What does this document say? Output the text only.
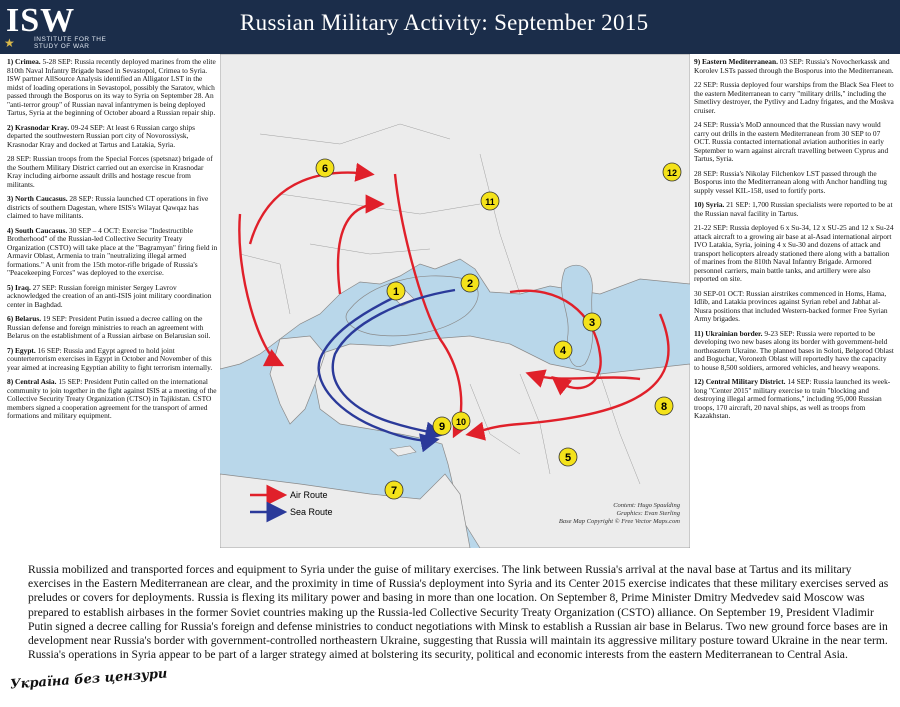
ISW
★	INSTITUTE FOR THE
STUDY OF WAR
Russian Military Activity: September 2015

1) Crimea. 5-28 SEP: Russia recently deployed marines from the elite 810th Naval Infantry Brigade based in Sevastopol, Crimea to Syria. ISW partner AllSource Analysis identified an Alligator LST in the midst of loading operations in Sevastopol, possibly the Saratov, which passed through the Bosporus on its way to Syria on September 28. An "anti-terror group" of Russian naval infantrymen is being deployed Tartus, Syria at the beginning of October aboard a Russian repair ship.

2) Krasnodar Kray. 09-24 SEP: At least 6 Russian cargo ships departed the southwestern Russian port city of Novorossiysk, Krasnodar Kray and docked at Tartus and Latakia, Syria.

28 SEP: Russian troops from the Special Forces (spetsnaz) brigade of the Southern Military District carried out an exercise in Krasnodar Kray including airborne assault drills and hostage rescue from militants.

3) North Caucasus. 28 SEP: Russia launched CT operations in five districts of southern Dagestan, where ISIS's Wilayat Qawqaz has claimed to have militants.

4) South Caucasus. 30 SEP – 4 OCT: Exercise "Indestructible Brotherhood" of the Russian-led Collective Security Treaty Organization (CSTO) will take place at the "Bagramyan" firing field in Armavir Oblast, Armenia to train "neutralizing illegal armed formations." A unit from the 15th motor-rifle brigade of Russia's "Peacekeeping Forces" was deployed to the exercise.

5) Iraq. 27 SEP: Russian foreign minister Sergey Lavrov acknowledged the creation of an anti-ISIS joint military coordination center in Baghdad.

6) Belarus. 19 SEP: President Putin issued a decree calling on the Russian defense and foreign ministries to reach an agreement with Belarus on the establishment of a Russian airbase on Belarusian soil.

7) Egypt. 16 SEP: Russia and Egypt agreed to hold joint counterterrorism exercises in Egypt in October and November of this year aimed at increasing Egyptian ability to fight terrorism internally.

8) Central Asia. 15 SEP: President Putin called on the international community to join together in the fight against ISIS at a meeting of the Collective Security Treaty Organization (CTSO) in Tajikistan. CSTO members signed a cooperation agreement for the transport of armed formations and military equipment.

9) Eastern Mediterranean. 03 SEP: Russia's Novocherkassk and Korolev LSTs passed through the Bosporus into the Mediterranean.

22 SEP: Russia deployed four warships from the Black Sea Fleet to the eastern Mediterranean to carry "military drills," including the Smetlivy destroyer, the Pytlivy and Ladny frigates, and the Moskva cruiser.

24 SEP: Russia's MoD announced that the Russian navy would carry out drills in the eastern Mediterranean from 30 SEP to 07 OCT. Russia contacted international aviation authorities in early September to warn against aircraft travelling between Cyprus and Tartus, Syria.

28 SEP: Russia's Nikolay Filchenkov LST passed through the Bosporus into the Mediterranean along with Anchor handling tug supply vessel KIL-158, used to fortify ports.

10) Syria. 21 SEP: 1,700 Russian specialists were reported to be at the Russian naval facility in Tartus.

21-22 SEP: Russia deployed 6 x Su-34, 12 x SU-25 and 12 x Su-24 attack aircraft to a growing air base at al-Asad international airport IVO Latakia, Syria, joining 4 x Su-30 and dozens of attack and transport helicopters already stationed there along with a battalion of marines from the 810th Naval Infantry Brigade. Armored personnel carriers, main battle tanks, and artillery were also reported on site.

30 SEP-01 OCT: Russian airstrikes commenced in Homs, Hama, Idlib, and Latakia provinces against Syrian rebel and Jabhat al-Nusra positions that included Western-backed former Free Syrian Army brigades.

11) Ukrainian border. 9-23 SEP: Russia were reported to be developing two new bases along its border with government-held northeastern Ukraine. The planned bases in Soloti, Belgorod Oblast and Boguchar, Voronezh Oblast will reportedly have the capacity to house 8,500 soldiers, armored vehicles, and heavy weapons.

12) Central Military District. 14 SEP: Russia launched its week-long "Center 2015" military exercise to train "blocking and destroying illegal armed formations," including 95,000 Russian troops, 170 aircraft, 20 naval ships, as well as troops from Kazakhstan.

1
2
3
4
5
6
7
8
9 10
11
12
Air Route
Sea Route
Content: Hugo Spaulding
Graphics: Evan Sterling
Base Map Copyright © Free Vector Maps.com
Russia mobilized and transported forces and equipment to Syria under the guise of military exercises. The link between Russia's arrival at the naval base at Tartus and its military exercises in the Eastern Mediterranean are clear, and the proximity in time of Russia's deployment into Syria and its Center 2015 exercise indicates that these military exercises served as preludes or covers for deployments. Russia is flexing its military power and basing in more than one location. On September 8, Prime Minister Dmitry Medvedev said Moscow was prepared to establish airbases in the former Soviet countries making up the Russia-led Collective Security Treaty Organization (CSTO) alliance. On September 19, President Vladimir Putin signed a decree calling for Russia's foreign and defense ministries to conduct negotiations with Minsk to establish a Russian air base in Belarus. Two new ground force bases are in development near Russia's border with government-controlled northeastern Ukraine, suggesting that Russia will maintain its aggressive military posture toward Ukraine in the near term. Russia's operations in Syria appear to be part of a larger strategy aimed at bolstering its security, political and economic interests from the eastern Mediterranean to Central Asia.
Україна без цензури
